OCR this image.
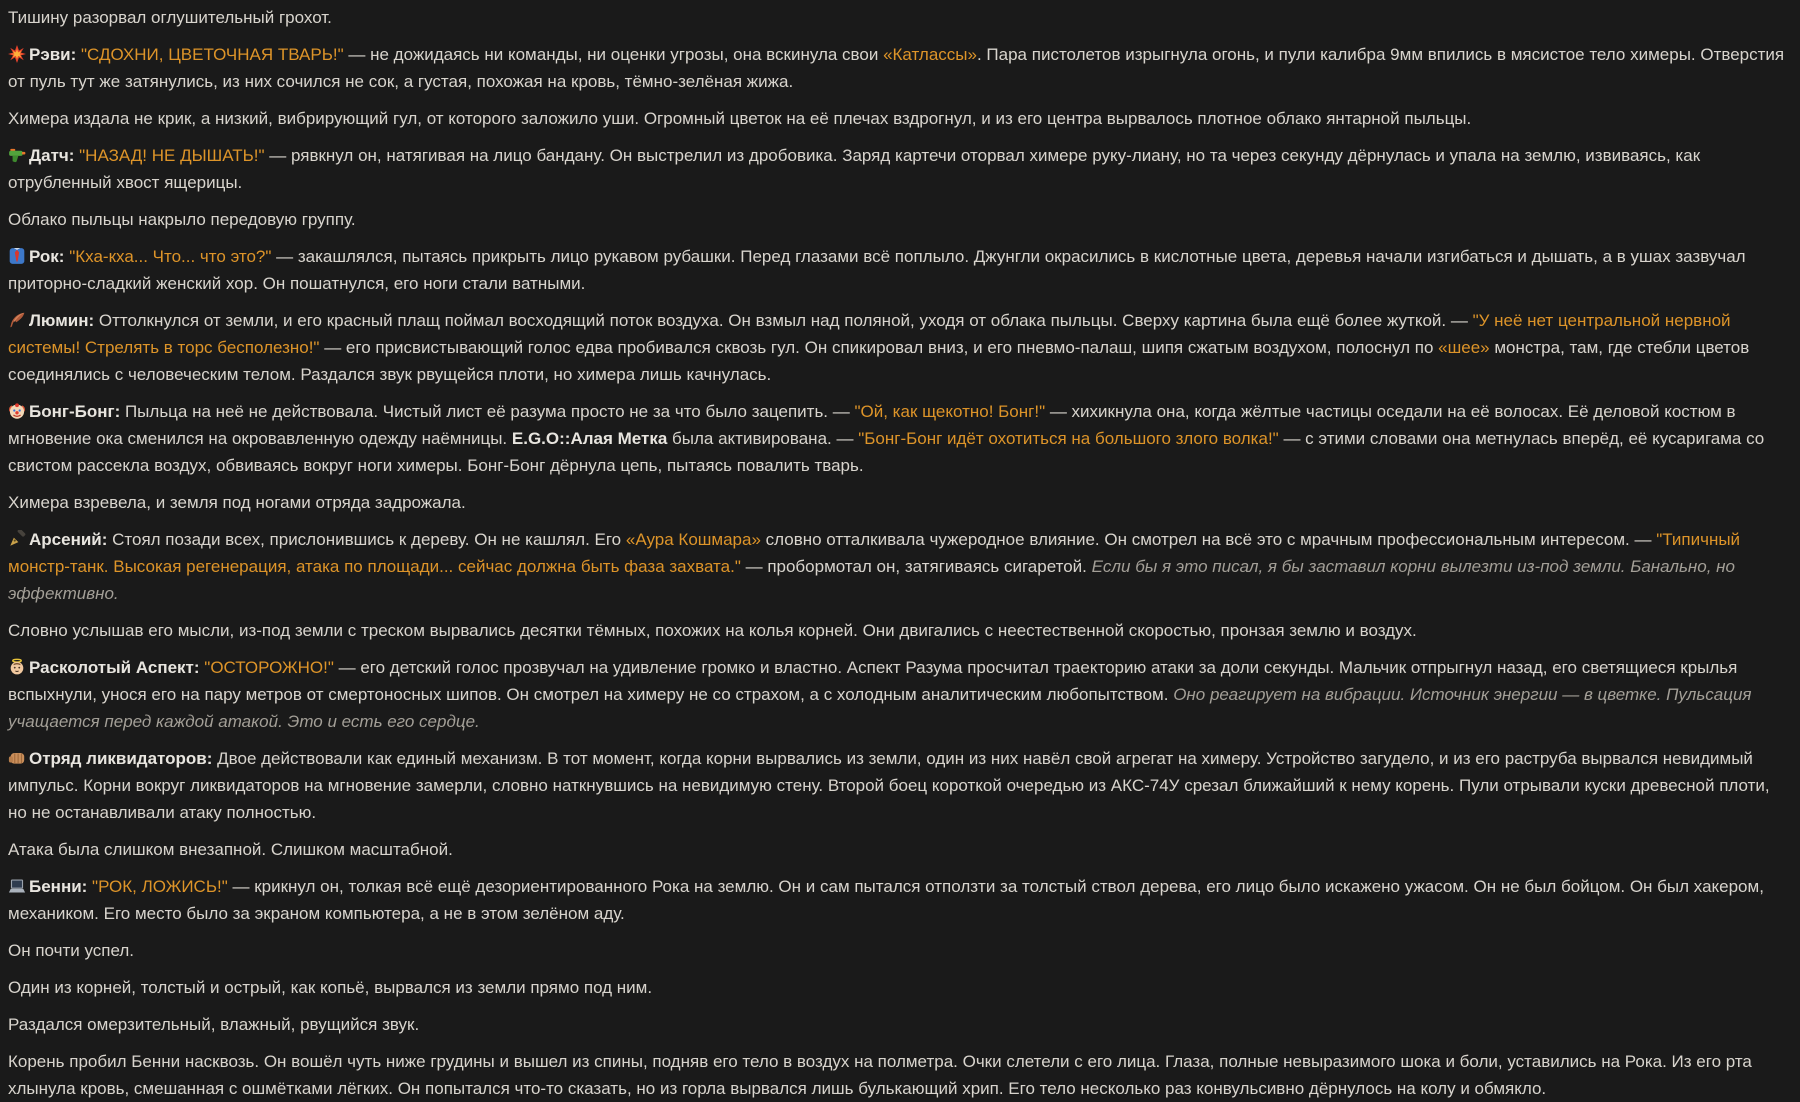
Тишину разорвал оглушительный грохот.

Рэви: "СДОХНИ, ЦВЕТОЧНАЯ ТВАРЬ!" — не дожидаясь ни команды, ни оценки угрозы, она вскинула свои «Катлассы». Пара пистолетов изрыгнула огонь, и пули калибра 9мм впились в мясистое тело химеры. Отверстия от пуль тут же затянулись, из них сочился не сок, а густая, похожая на кровь, тёмно-зелёная жижа.

Химера издала не крик, а низкий, вибрирующий гул, от которого заложило уши. Огромный цветок на её плечах вздрогнул, и из его центра вырвалось плотное облако янтарной пыльцы.

Датч: "НАЗАД! НЕ ДЫШАТЬ!" — рявкнул он, натягивая на лицо бандану. Он выстрелил из дробовика. Заряд картечи оторвал химере руку-лиану, но та через секунду дёрнулась и упала на землю, извиваясь, как отрубленный хвост ящерицы.

Облако пыльцы накрыло передовую группу.

Рок: "Кха-кха... Что... что это?" — закашлялся, пытаясь прикрыть лицо рукавом рубашки. Перед глазами всё поплыло. Джунгли окрасились в кислотные цвета, деревья начали изгибаться и дышать, а в ушах зазвучал приторно-сладкий женский хор. Он пошатнулся, его ноги стали ватными.

Люмин: Оттолкнулся от земли, и его красный плащ поймал восходящий поток воздуха. Он взмыл над поляной, уходя от облака пыльцы. Сверху картина была ещё более жуткой. — "У неё нет центральной нервной системы! Стрелять в торс бесполезно!" — его присвистывающий голос едва пробивался сквозь гул. Он спикировал вниз, и его пневмо-палаш, шипя сжатым воздухом, полоснул по «шее» монстра, там, где стебли цветов соединялись с человеческим телом. Раздался звук рвущейся плоти, но химера лишь качнулась.

Бонг-Бонг: Пыльца на неё не действовала. Чистый лист её разума просто не за что было зацепить. — "Ой, как щекотно! Бонг!" — хихикнула она, когда жёлтые частицы оседали на её волосах. Её деловой костюм в мгновение ока сменился на окровавленную одежду наёмницы. E.G.O::Алая Метка была активирована. — "Бонг-Бонг идёт охотиться на большого злого волка!" — с этими словами она метнулась вперёд, её кусаригама со свистом рассекла воздух, обвиваясь вокруг ноги химеры. Бонг-Бонг дёрнула цепь, пытаясь повалить тварь.

Химера взревела, и земля под ногами отряда задрожала.

Арсений: Стоял позади всех, прислонившись к дереву. Он не кашлял. Его «Аура Кошмара» словно отталкивала чужеродное влияние. Он смотрел на всё это с мрачным профессиональным интересом. — "Типичный монстр-танк. Высокая регенерация, атака по площади... сейчас должна быть фаза захвата." — пробормотал он, затягиваясь сигаретой. Если бы я это писал, я бы заставил корни вылезти из-под земли. Банально, но эффективно.

Словно услышав его мысли, из-под земли с треском вырвались десятки тёмных, похожих на колья корней. Они двигались с неестественной скоростью, пронзая землю и воздух.

Расколотый Аспект: "ОСТОРОЖНО!" — его детский голос прозвучал на удивление громко и властно. Аспект Разума просчитал траекторию атаки за доли секунды. Мальчик отпрыгнул назад, его светящиеся крылья вспыхнули, унося его на пару метров от смертоносных шипов. Он смотрел на химеру не со страхом, а с холодным аналитическим любопытством. Оно реагирует на вибрации. Источник энергии — в цветке. Пульсация учащается перед каждой атакой. Это и есть его сердце.

Отряд ликвидаторов: Двое действовали как единый механизм. В тот момент, когда корни вырвались из земли, один из них навёл свой агрегат на химеру. Устройство загудело, и из его раструба вырвался невидимый импульс. Корни вокруг ликвидаторов на мгновение замерли, словно наткнувшись на невидимую стену. Второй боец короткой очередью из АКС-74У срезал ближайший к нему корень. Пули отрывали куски древесной плоти, но не останавливали атаку полностью.

Атака была слишком внезапной. Слишком масштабной.

Бенни: "РОК, ЛОЖИСЬ!" — крикнул он, толкая всё ещё дезориентированного Рока на землю. Он и сам пытался отползти за толстый ствол дерева, его лицо было искажено ужасом. Он не был бойцом. Он был хакером, механиком. Его место было за экраном компьютера, а не в этом зелёном аду.

Он почти успел.

Один из корней, толстый и острый, как копьё, вырвался из земли прямо под ним.

Раздался омерзительный, влажный, рвущийся звук.

Корень пробил Бенни насквозь. Он вошёл чуть ниже грудины и вышел из спины, подняв его тело в воздух на полметра. Очки слетели с его лица. Глаза, полные невыразимого шока и боли, уставились на Рока. Из его рта хлынула кровь, смешанная с ошмётками лёгких. Он попытался что-то сказать, но из горла вырвался лишь булькающий хрип. Его тело несколько раз конвульсивно дёрнулось на колу и обмякло.
